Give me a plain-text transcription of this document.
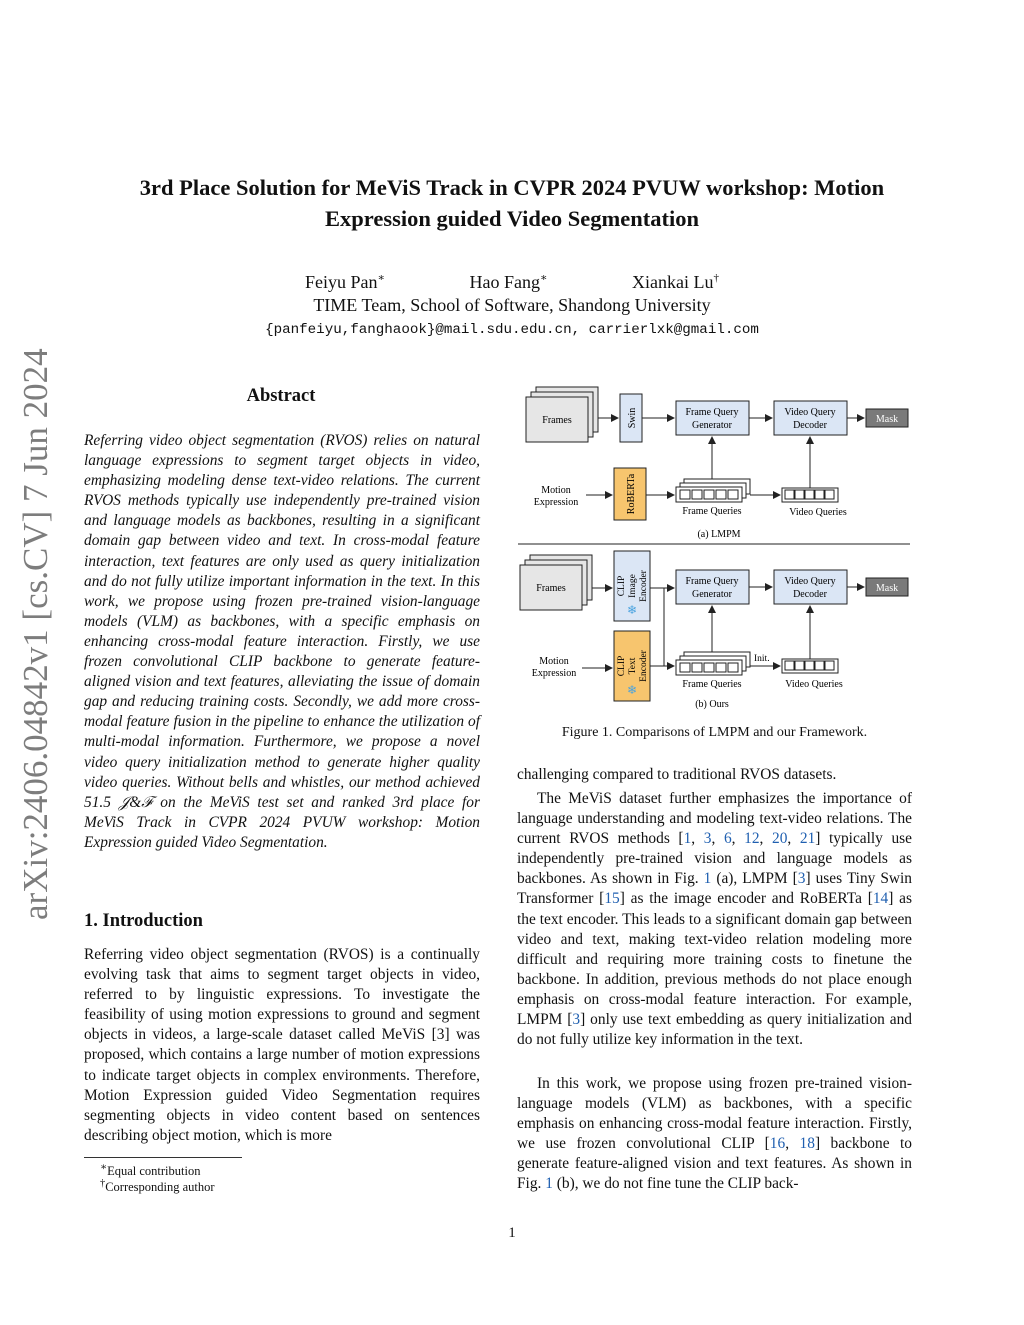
3rd Place Solution for MeViS Track in CVPR 2024 PVUW workshop: Motion
Expression guided Video Segmentation
Feiyu Pan∗	Hao Fang∗	Xiankai Lu†
TIME Team, School of Software, Shandong University
{panfeiyu,fanghaook}@mail.sdu.edu.cn, carrierlxk@gmail.com
arXiv:2406.04842v1 [cs.CV] 7 Jun 2024	Abstract
Referring video object segmentation (RVOS) relies on natural language expressions to segment target objects in video, emphasizing modeling dense text-video relations. The current RVOS methods typically use independently pre-trained vision and language models as backbones, resulting in a significant domain gap between video and text. In cross-modal feature interaction, text features are only used as query initialization and do not fully utilize important information in the text. In this work, we propose using frozen pre-trained vision-language models (VLM) as backbones, with a specific emphasis on enhancing cross-modal feature interaction. Firstly, we use frozen convolutional CLIP backbone to generate feature-aligned vision and text features, alleviating the issue of domain gap and reducing training costs. Secondly, we add more cross-modal feature fusion in the pipeline to enhance the utilization of multi-modal information. Furthermore, we propose a novel video query initialization method to generate higher quality video queries. Without bells and whistles, our method achieved 51.5 𝒥&ℱ on the MeViS test set and ranked 3rd place for MeViS Track in CVPR 2024 PVUW workshop: Motion Expression guided Video Segmentation.
1. Introduction
Referring video object segmentation (RVOS) is a continually evolving task that aims to segment target objects in video, referred to by linguistic expressions. To investigate the feasibility of using motion expressions to ground and segment objects in videos, a large-scale dataset called MeViS [3] was proposed, which contains a large number of motion expressions to indicate target objects in complex environments. Therefore, Motion Expression guided Video Segmentation requires segmenting objects in video content based on sentences describing object motion, which is more
∗Equal contribution
†Corresponding author
Frames	Swin	Frame Query
Generator
Video Query
Decoder
Mask
Motion
Expression	RoBERTa	Frame Queries	Video Queries
(a) LMPM
Frames	CLIP Image Encoder
❄
Frame Query
Generator
Video Query
Decoder
Mask
Motion
Expression	CLIP Text Encoder
❄
Init.
Frame Queries	Video Queries
(b) Ours
Figure 1. Comparisons of LMPM and our Framework.
challenging compared to traditional RVOS datasets.
The MeViS dataset further emphasizes the importance of language understanding and modeling text-video relations. The current RVOS methods [1, 3, 6, 12, 20, 21] typically use independently pre-trained vision and language models as backbones. As shown in Fig. 1 (a), LMPM [3] uses Tiny Swin Transformer [15] as the image encoder and RoBERTa [14] as the text encoder. This leads to a significant domain gap between video and text, making text-video relation modeling more difficult and requiring more training costs to finetune the backbone. In addition, previous methods do not place enough emphasis on cross-modal feature interaction. For example, LMPM [3] only use text embedding as query initialization and do not fully utilize key information in the text.
In this work, we propose using frozen pre-trained vision-language models (VLM) as backbones, with a specific emphasis on enhancing cross-modal feature interaction. Firstly, we use frozen convolutional CLIP [16, 18] backbone to generate feature-aligned vision and text features. As shown in Fig. 1 (b), we do not fine tune the CLIP back-
1
